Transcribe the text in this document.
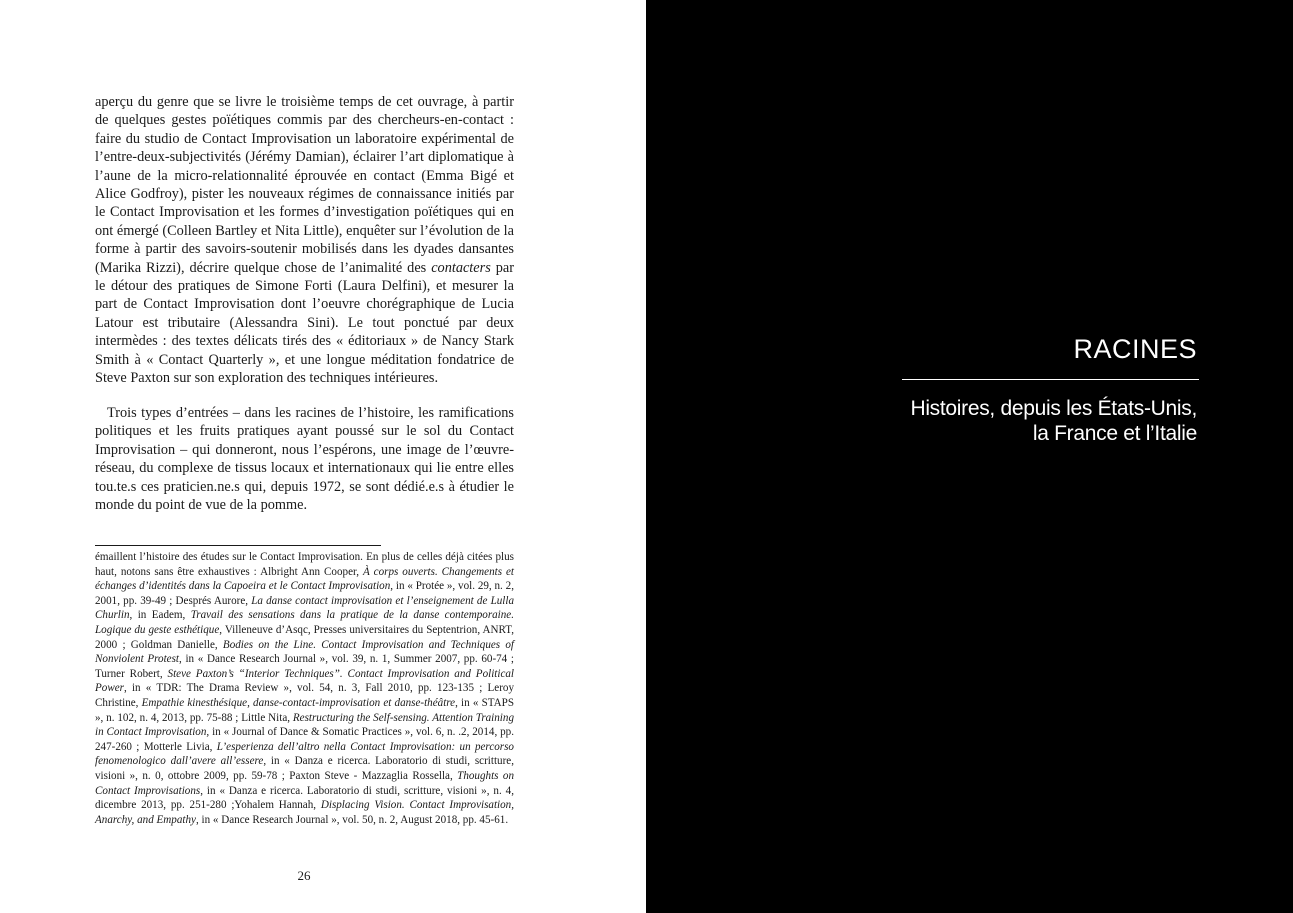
aperçu du genre que se livre le troisième temps de cet ouvrage, à partir de quelques gestes poïétiques commis par des chercheurs-en-contact : faire du studio de Contact Improvisation un laboratoire expérimental de l’entre-deux-subjectivités (Jérémy Damian), éclairer l’art diplomatique à l’aune de la micro-relationnalité éprouvée en contact (Emma Bigé et Alice Godfroy), pister les nouveaux régimes de connaissance initiés par le Contact Improvisation et les formes d’investigation poïétiques qui en ont émergé (Colleen Bartley et Nita Little), enquêter sur l’évolution de la forme à partir des savoirs-soutenir mobilisés dans les dyades dansantes (Marika Rizzi), décrire quelque chose de l’animalité des contacters par le détour des pratiques de Simone Forti (Laura Delfini), et mesurer la part de Contact Improvisation dont l’oeuvre chorégraphique de Lucia Latour est tributaire (Alessandra Sini). Le tout ponctué par deux intermèdes : des textes délicats tirés des « éditoriaux » de Nancy Stark Smith à « Contact Quarterly », et une longue méditation fondatrice de Steve Paxton sur son exploration des techniques intérieures.

Trois types d’entrées – dans les racines de l’histoire, les ramifications politiques et les fruits pratiques ayant poussé sur le sol du Contact Improvisation – qui donneront, nous l’espérons, une image de l’œuvre-réseau, du complexe de tissus locaux et internationaux qui lie entre elles tou.te.s ces praticien.ne.s qui, depuis 1972, se sont dédié.e.s à étudier le monde du point de vue de la pomme.

émaillent l’histoire des études sur le Contact Improvisation. En plus de celles déjà citées plus haut, notons sans être exhaustives : Albright Ann Cooper, À corps ouverts. Changements et échanges d’identités dans la Capoeira et le Contact Improvisation, in « Protée », vol. 29, n. 2, 2001, pp. 39-49 ; Després Aurore, La danse contact improvisation et l’enseignement de Lulla Churlin, in Eadem, Travail des sensations dans la pratique de la danse contemporaine. Logique du geste esthétique, Villeneuve d’Asqc, Presses universitaires du Septentrion, ANRT, 2000 ; Goldman Danielle, Bodies on the Line. Contact Improvisation and Techniques of Nonviolent Protest, in « Dance Research Journal », vol. 39, n. 1, Summer 2007, pp. 60-74 ; Turner Robert, Steve Paxton’s “Interior Techniques”. Contact Improvisation and Political Power, in « TDR: The Drama Review », vol. 54, n. 3, Fall 2010, pp. 123-135 ; Leroy Christine, Empathie kinesthésique, danse-contact-improvisation et danse-théâtre, in « STAPS », n. 102, n. 4, 2013, pp. 75-88 ; Little Nita, Restructuring the Self-sensing. Attention Training in Contact Improvisation, in « Journal of Dance & Somatic Practices », vol. 6, n. .2, 2014, pp. 247-260 ; Motterle Livia, L’esperienza dell’altro nella Contact Improvisation: un percorso fenomenologico dall’avere all’essere, in « Danza e ricerca. Laboratorio di studi, scritture, visioni », n. 0, ottobre 2009, pp. 59-78 ; Paxton Steve - Mazzaglia Rossella, Thoughts on Contact Improvisations, in « Danza e ricerca. Laboratorio di studi, scritture, visioni », n. 4, dicembre 2013, pp. 251-280 ;Yohalem Hannah, Displacing Vision. Contact Improvisation, Anarchy, and Empathy, in « Dance Research Journal », vol. 50, n. 2, August 2018, pp. 45-61.

26
RACINES
Histoires, depuis les États-Unis,
la France et l’Italie
